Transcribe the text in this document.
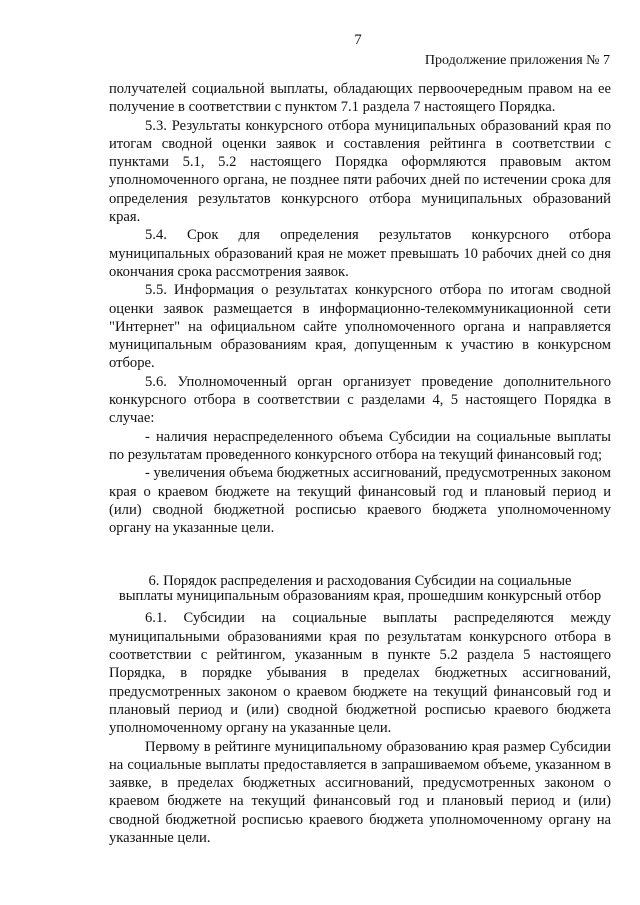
7
Продолжение приложения № 7

получателей социальной выплаты, обладающих первоочередным правом на ее получение в соответствии с пунктом 7.1 раздела 7 настоящего Порядка.

5.3. Результаты конкурсного отбора муниципальных образований края по итогам сводной оценки заявок и составления рейтинга в соответствии с пунктами 5.1, 5.2 настоящего Порядка оформляются правовым актом уполномоченного органа, не позднее пяти рабочих дней по истечении срока для определения результатов конкурсного отбора муниципальных образований края.

5.4. Срок для определения результатов конкурсного отбора муниципальных образований края не может превышать 10 рабочих дней со дня окончания срока рассмотрения заявок.

5.5. Информация о результатах конкурсного отбора по итогам сводной оценки заявок размещается в информационно-телекоммуникационной сети "Интернет" на официальном сайте уполномоченного органа и направляется муниципальным образованиям края, допущенным к участию в конкурсном отборе.

5.6. Уполномоченный орган организует проведение дополнительного конкурсного отбора в соответствии с разделами 4, 5 настоящего Порядка в случае:

- наличия нераспределенного объема Субсидии на социальные выплаты по результатам проведенного конкурсного отбора на текущий финансовый год;

- увеличения объема бюджетных ассигнований, предусмотренных законом края о краевом бюджете на текущий финансовый год и плановый период и (или) сводной бюджетной росписью краевого бюджета уполномоченному органу на указанные цели.

6. Порядок распределения и расходования Субсидии на социальные
выплаты муниципальным образованиям края, прошедшим конкурсный отбор

6.1. Субсидии на социальные выплаты распределяются между муниципальными образованиями края по результатам конкурсного отбора в соответствии с рейтингом, указанным в пункте 5.2 раздела 5 настоящего Порядка, в порядке убывания в пределах бюджетных ассигнований, предусмотренных законом о краевом бюджете на текущий финансовый год и плановый период и (или) сводной бюджетной росписью краевого бюджета уполномоченному органу на указанные цели.

Первому в рейтинге муниципальному образованию края размер Субсидии на социальные выплаты предоставляется в запрашиваемом объеме, указанном в заявке, в пределах бюджетных ассигнований, предусмотренных законом о краевом бюджете на текущий финансовый год и плановый период и (или) сводной бюджетной росписью краевого бюджета уполномоченному органу на указанные цели.
